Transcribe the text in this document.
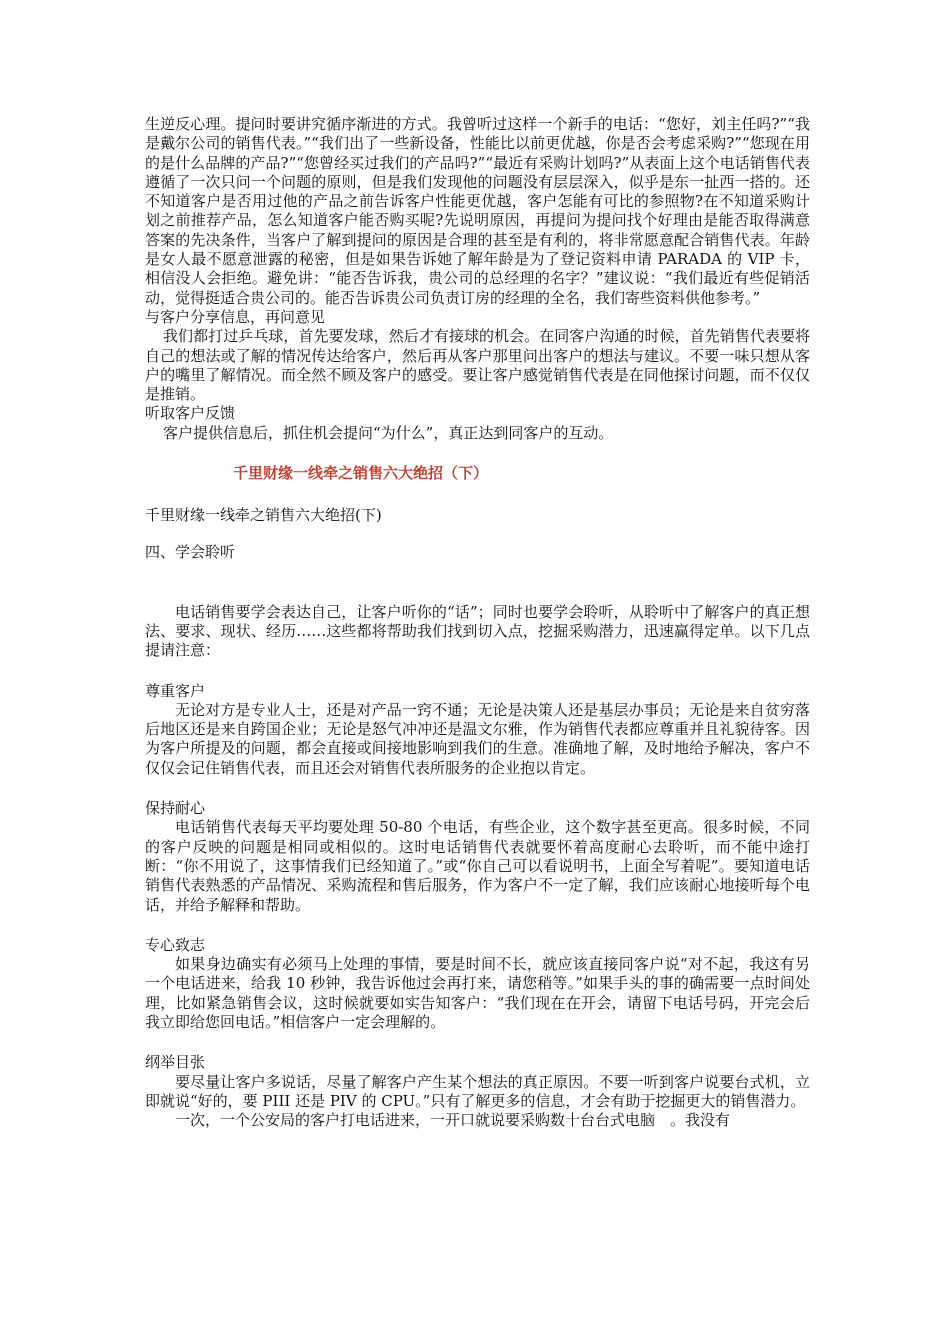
生逆反心理。提问时要讲究循序渐进的方式。我曾听过这样一个新手的电话：“您好，刘主任吗?”“我是戴尔公司的销售代表。”“我们出了一些新设备，性能比以前更优越，你是否会考虑采购?”“您现在用的是什么品牌的产品?”“您曾经买过我们的产品吗?”“最近有采购计划吗?”从表面上这个电话销售代表遵循了一次只问一个问题的原则，但是我们发现他的问题没有层层深入，似乎是东一扯西一搭的。还不知道客户是否用过他的产品之前告诉客户性能更优越，客户怎能有可比的参照物?在不知道采购计划之前推荐产品，怎么知道客户能否购买呢?先说明原因，再提问为提问找个好理由是能否取得满意答案的先决条件，当客户了解到提问的原因是合理的甚至是有利的，将非常愿意配合销售代表。年龄是女人最不愿意泄露的秘密，但是如果告诉她了解年龄是为了登记资料申请 PARADA 的 VIP 卡，相信没人会拒绝。避免讲：“能否告诉我，贵公司的总经理的名字？”建议说：“我们最近有些促销活动，觉得挺适合贵公司的。能否告诉贵公司负责订房的经理的全名，我们寄些资料供他参考。”

与客户分享信息，再问意见

我们都打过乒乓球，首先要发球，然后才有接球的机会。在同客户沟通的时候，首先销售代表要将自己的想法或了解的情况传达给客户，然后再从客户那里问出客户的想法与建议。不要一味只想从客户的嘴里了解情况。而全然不顾及客户的感受。要让客户感觉销售代表是在同他探讨问题，而不仅仅是推销。

听取客户反馈

客户提供信息后，抓住机会提问“为什么”，真正达到同客户的互动。

千里财缘一线牵之销售六大绝招（下）

千里财缘一线牵之销售六大绝招(下)

四、学会聆听

电话销售要学会表达自己，让客户听你的“话”；同时也要学会聆听，从聆听中了解客户的真正想法、要求、现状、经历……这些都将帮助我们找到切入点，挖掘采购潜力，迅速赢得定单。以下几点提请注意：

尊重客户

无论对方是专业人士，还是对产品一窍不通；无论是决策人还是基层办事员；无论是来自贫穷落后地区还是来自跨国企业；无论是怒气冲冲还是温文尔雅，作为销售代表都应尊重并且礼貌待客。因为客户所提及的问题，都会直接或间接地影响到我们的生意。准确地了解，及时地给予解决，客户不仅仅会记住销售代表，而且还会对销售代表所服务的企业抱以肯定。

保持耐心

电话销售代表每天平均要处理 50-80 个电话，有些企业，这个数字甚至更高。很多时候，不同的客户反映的问题是相同或相似的。这时电话销售代表就要怀着高度耐心去聆听，而不能中途打断：“你不用说了，这事情我们已经知道了。”或“你自己可以看说明书，上面全写着呢”。要知道电话销售代表熟悉的产品情况、采购流程和售后服务，作为客户不一定了解，我们应该耐心地接听每个电话，并给予解释和帮助。

专心致志

如果身边确实有必须马上处理的事情，要是时间不长，就应该直接同客户说“对不起，我这有另一个电话进来，给我 10 秒钟，我告诉他过会再打来，请您稍等。”如果手头的事的确需要一点时间处理，比如紧急销售会议，这时候就要如实告知客户：“我们现在在开会，请留下电话号码，开完会后我立即给您回电话。”相信客户一定会理解的。

纲举目张

要尽量让客户多说话，尽量了解客户产生某个想法的真正原因。不要一听到客户说要台式机，立即就说“好的，要 PIII 还是 PIV 的 CPU。”只有了解更多的信息，才会有助于挖掘更大的销售潜力。

一次，一个公安局的客户打电话进来，一开口就说要采购数十台台式电脑　。我没有
